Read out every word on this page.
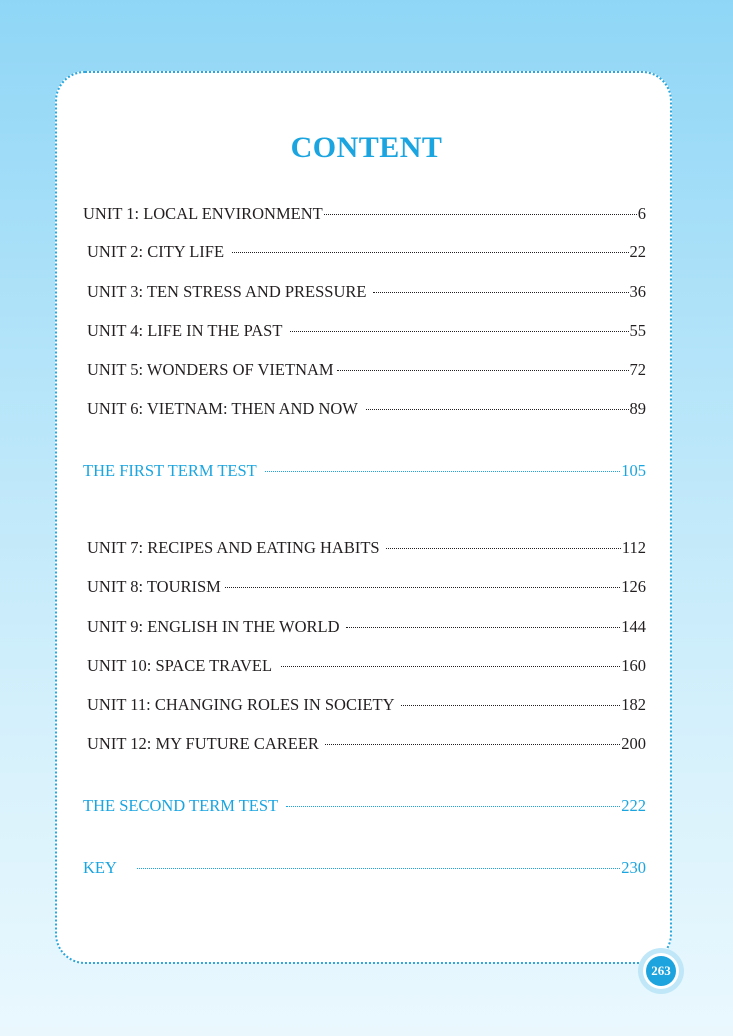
CONTENT
UNIT 1: LOCAL ENVIRONMENT	6
UNIT 2: CITY LIFE	22
UNIT 3: TEN STRESS AND PRESSURE	36
UNIT 4: LIFE IN THE PAST	55
UNIT 5: WONDERS OF VIETNAM	72
UNIT 6: VIETNAM: THEN AND NOW	89
THE FIRST TERM TEST	105
UNIT 7: RECIPES AND EATING HABITS	112
UNIT 8: TOURISM	126
UNIT 9: ENGLISH IN THE WORLD	144
UNIT 10: SPACE TRAVEL	160
UNIT 11: CHANGING ROLES IN SOCIETY	182
UNIT 12: MY FUTURE CAREER	200
THE SECOND TERM TEST	222
KEY	230
263
